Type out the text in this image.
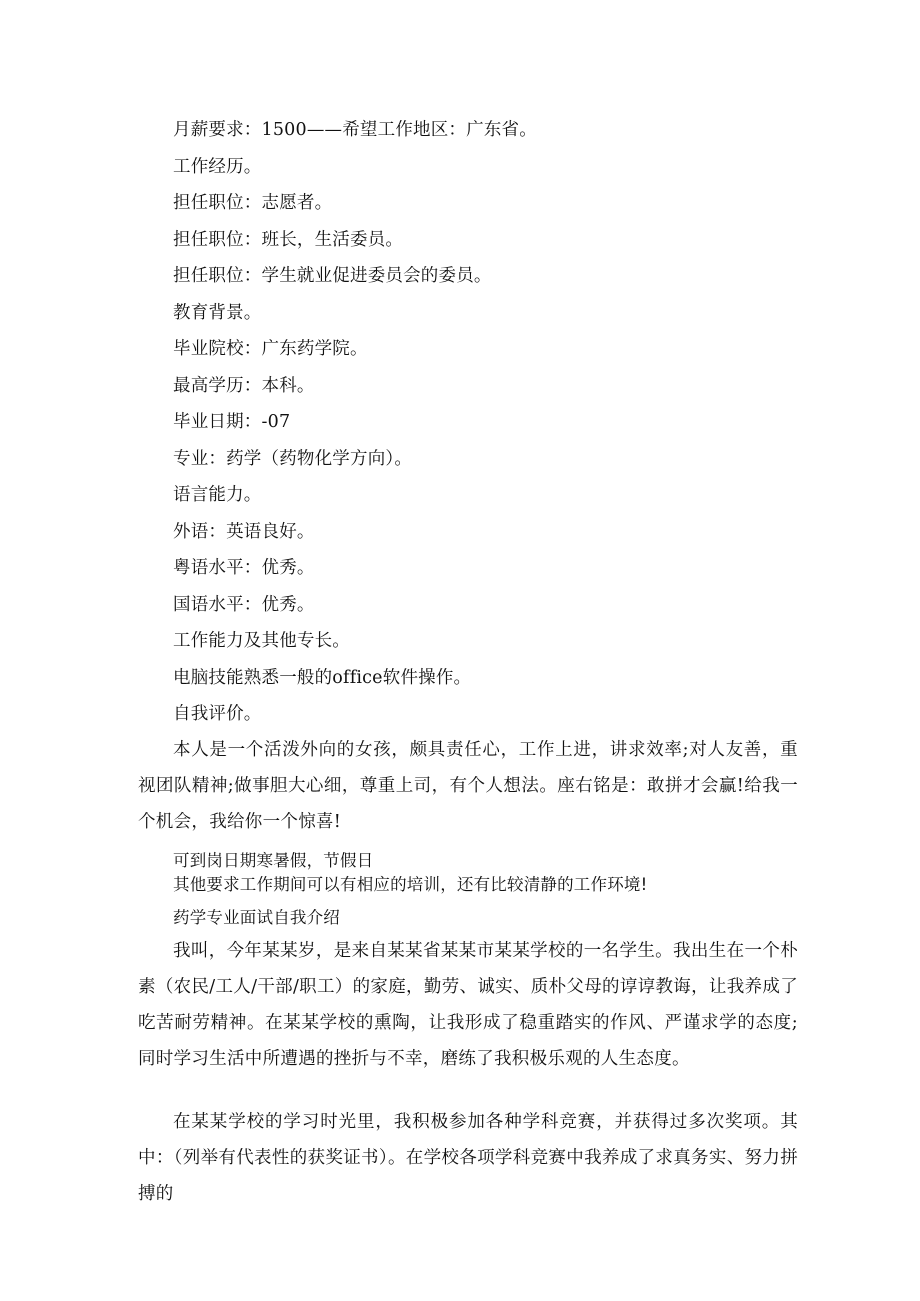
月薪要求：1500——希望工作地区：广东省。
工作经历。
担任职位：志愿者。
担任职位：班长，生活委员。
担任职位：学生就业促进委员会的委员。
教育背景。
毕业院校：广东药学院。
最高学历：本科。
毕业日期：-07
专业：药学（药物化学方向）。
语言能力。
外语：英语良好。
粤语水平：优秀。
国语水平：优秀。
工作能力及其他专长。
电脑技能熟悉一般的office软件操作。
自我评价。
本人是一个活泼外向的女孩，颇具责任心，工作上进，讲求效率;对人友善，重视团队精神;做事胆大心细，尊重上司，有个人想法。座右铭是：敢拼才会赢!给我一个机会，我给你一个惊喜!
可到岗日期寒暑假，节假日
其他要求工作期间可以有相应的培训，还有比较清静的工作环境!
药学专业面试自我介绍
我叫，今年某某岁，是来自某某省某某市某某学校的一名学生。我出生在一个朴素（农民/工人/干部/职工）的家庭，勤劳、诚实、质朴父母的谆谆教诲，让我养成了吃苦耐劳精神。在某某学校的熏陶，让我形成了稳重踏实的作风、严谨求学的态度;同时学习生活中所遭遇的挫折与不幸，磨练了我积极乐观的人生态度。
在某某学校的学习时光里，我积极参加各种学科竞赛，并获得过多次奖项。其中：（列举有代表性的获奖证书）。在学校各项学科竞赛中我养成了求真务实、努力拼搏的
